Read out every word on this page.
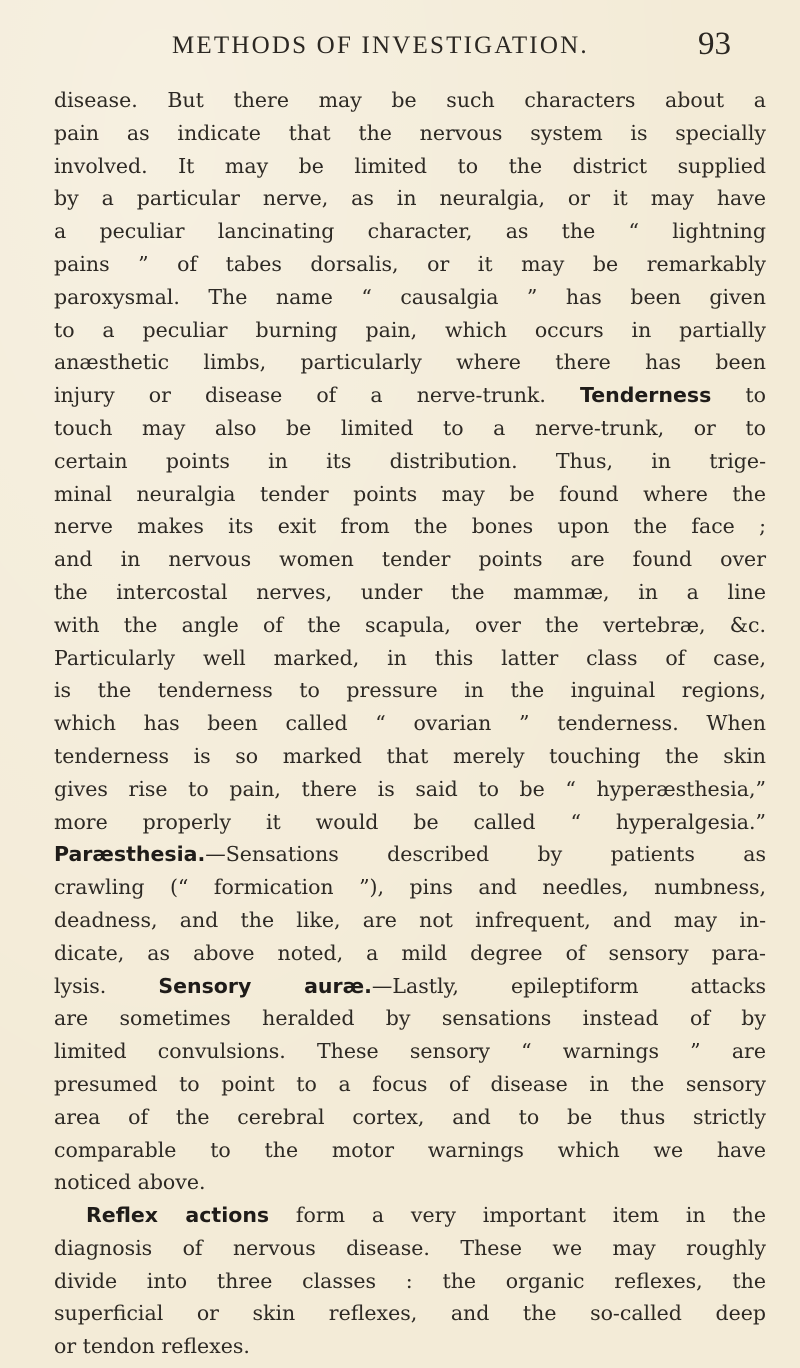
METHODS OF INVESTIGATION.	93
disease. But there may be such characters about a
pain as indicate that the nervous system is specially
involved. It may be limited to the district supplied
by a particular nerve, as in neuralgia, or it may have
a peculiar lancinating character, as the “ lightning
pains ” of tabes dorsalis, or it may be remarkably
paroxysmal. The name “ causalgia ” has been given
to a peculiar burning pain, which occurs in partially
anæsthetic limbs, particularly where there has been
injury or disease of a nerve-trunk. Tenderness to
touch may also be limited to a nerve-trunk, or to
certain points in its distribution. Thus, in trige-
minal neuralgia tender points may be found where the
nerve makes its exit from the bones upon the face ;
and in nervous women tender points are found over
the intercostal nerves, under the mammæ, in a line
with the angle of the scapula, over the vertebræ, &c.
Particularly well marked, in this latter class of case,
is the tenderness to pressure in the inguinal regions,
which has been called “ ovarian ” tenderness. When
tenderness is so marked that merely touching the skin
gives rise to pain, there is said to be “ hyperæsthesia,”
more properly it would be called “ hyperalgesia.”
Paræsthesia.—Sensations described by patients as
crawling (“ formication ”), pins and needles, numbness,
deadness, and the like, are not infrequent, and may in-
dicate, as above noted, a mild degree of sensory para-
lysis. Sensory auræ.—Lastly, epileptiform attacks
are sometimes heralded by sensations instead of by
limited convulsions. These sensory “ warnings ” are
presumed to point to a focus of disease in the sensory
area of the cerebral cortex, and to be thus strictly
comparable to the motor warnings which we have
noticed above.
Reflex actions form a very important item in the
diagnosis of nervous disease. These we may roughly
divide into three classes : the organic reflexes, the
superficial or skin reflexes, and the so-called deep
or tendon reflexes.
